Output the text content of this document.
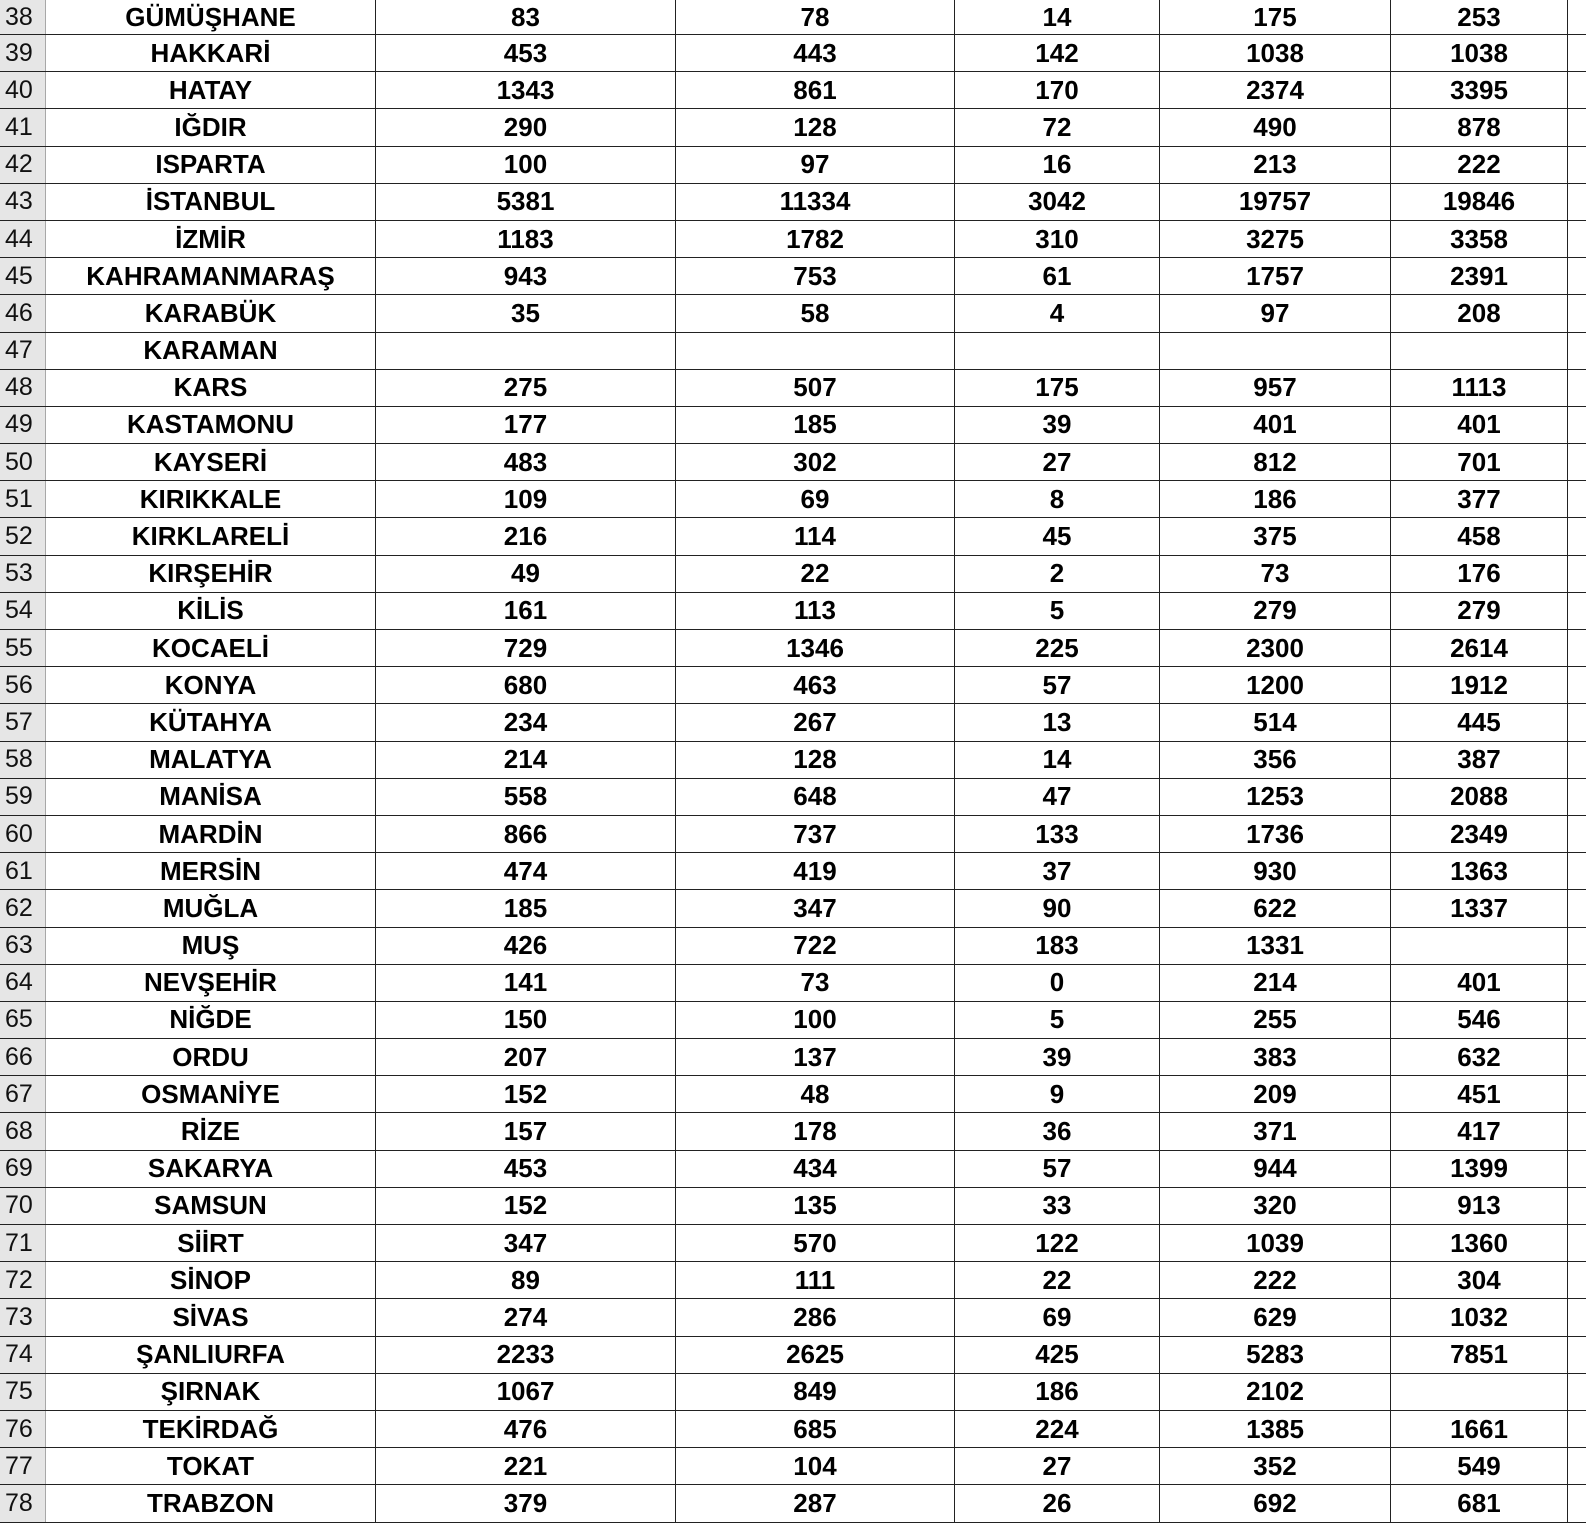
38	GÜMÜŞHANE	83	78	14	175	253
39	HAKKARİ	453	443	142	1038	1038
40	HATAY	1343	861	170	2374	3395
41	IĞDIR	290	128	72	490	878
42	ISPARTA	100	97	16	213	222
43	İSTANBUL	5381	11334	3042	19757	19846
44	İZMİR	1183	1782	310	3275	3358
45	KAHRAMANMARAŞ	943	753	61	1757	2391
46	KARABÜK	35	58	4	97	208
47	KARAMAN
48	KARS	275	507	175	957	1113
49	KASTAMONU	177	185	39	401	401
50	KAYSERİ	483	302	27	812	701
51	KIRIKKALE	109	69	8	186	377
52	KIRKLARELİ	216	114	45	375	458
53	KIRŞEHİR	49	22	2	73	176
54	KİLİS	161	113	5	279	279
55	KOCAELİ	729	1346	225	2300	2614
56	KONYA	680	463	57	1200	1912
57	KÜTAHYA	234	267	13	514	445
58	MALATYA	214	128	14	356	387
59	MANİSA	558	648	47	1253	2088
60	MARDİN	866	737	133	1736	2349
61	MERSİN	474	419	37	930	1363
62	MUĞLA	185	347	90	622	1337
63	MUŞ	426	722	183	1331
64	NEVŞEHİR	141	73	0	214	401
65	NİĞDE	150	100	5	255	546
66	ORDU	207	137	39	383	632
67	OSMANİYE	152	48	9	209	451
68	RİZE	157	178	36	371	417
69	SAKARYA	453	434	57	944	1399
70	SAMSUN	152	135	33	320	913
71	SİİRT	347	570	122	1039	1360
72	SİNOP	89	111	22	222	304
73	SİVAS	274	286	69	629	1032
74	ŞANLIURFA	2233	2625	425	5283	7851
75	ŞIRNAK	1067	849	186	2102
76	TEKİRDAĞ	476	685	224	1385	1661
77	TOKAT	221	104	27	352	549
78	TRABZON	379	287	26	692	681
